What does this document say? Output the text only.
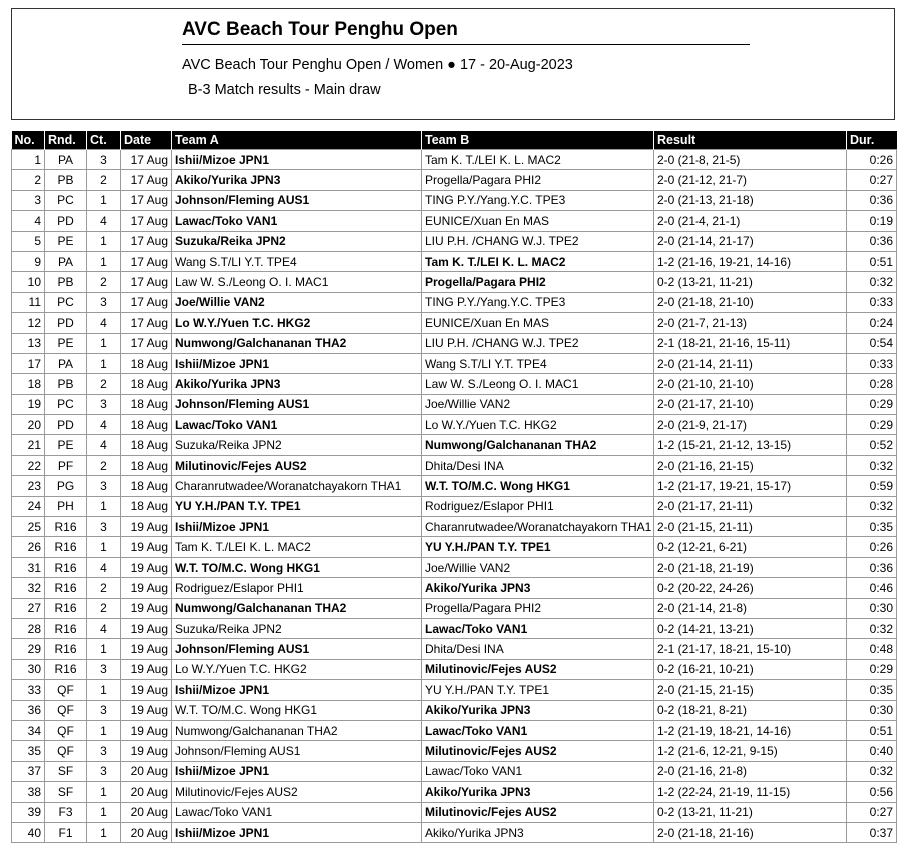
AVC Beach Tour Penghu Open
AVC Beach Tour Penghu Open / Women ● 17 - 20-Aug-2023
B-3 Match results - Main draw
No.	Rnd.	Ct.	Date	Team A	Team B	Result	Dur.
1	PA	3	17 Aug	Ishii/Mizoe JPN1	Tam K. T./LEI K. L. MAC2	2-0 (21-8, 21-5)	0:26
2	PB	2	17 Aug	Akiko/Yurika JPN3	Progella/Pagara PHI2	2-0 (21-12, 21-7)	0:27
3	PC	1	17 Aug	Johnson/Fleming AUS1	TING P.Y./Yang.Y.C. TPE3	2-0 (21-13, 21-18)	0:36
4	PD	4	17 Aug	Lawac/Toko VAN1	EUNICE/Xuan En MAS	2-0 (21-4, 21-1)	0:19
5	PE	1	17 Aug	Suzuka/Reika JPN2	LIU P.H. /CHANG W.J. TPE2	2-0 (21-14, 21-17)	0:36
9	PA	1	17 Aug	Wang S.T/LI Y.T. TPE4	Tam K. T./LEI K. L. MAC2	1-2 (21-16, 19-21, 14-16)	0:51
10	PB	2	17 Aug	Law W. S./Leong O. I. MAC1	Progella/Pagara PHI2	0-2 (13-21, 11-21)	0:32
11	PC	3	17 Aug	Joe/Willie VAN2	TING P.Y./Yang.Y.C. TPE3	2-0 (21-18, 21-10)	0:33
12	PD	4	17 Aug	Lo W.Y./Yuen T.C. HKG2	EUNICE/Xuan En MAS	2-0 (21-7, 21-13)	0:24
13	PE	1	17 Aug	Numwong/Galchananan THA2	LIU P.H. /CHANG W.J. TPE2	2-1 (18-21, 21-16, 15-11)	0:54
17	PA	1	18 Aug	Ishii/Mizoe JPN1	Wang S.T/LI Y.T. TPE4	2-0 (21-14, 21-11)	0:33
18	PB	2	18 Aug	Akiko/Yurika JPN3	Law W. S./Leong O. I. MAC1	2-0 (21-10, 21-10)	0:28
19	PC	3	18 Aug	Johnson/Fleming AUS1	Joe/Willie VAN2	2-0 (21-17, 21-10)	0:29
20	PD	4	18 Aug	Lawac/Toko VAN1	Lo W.Y./Yuen T.C. HKG2	2-0 (21-9, 21-17)	0:29
21	PE	4	18 Aug	Suzuka/Reika JPN2	Numwong/Galchananan THA2	1-2 (15-21, 21-12, 13-15)	0:52
22	PF	2	18 Aug	Milutinovic/Fejes AUS2	Dhita/Desi INA	2-0 (21-16, 21-15)	0:32
23	PG	3	18 Aug	Charanrutwadee/Woranatchayakorn THA1	W.T. TO/M.C. Wong HKG1	1-2 (21-17, 19-21, 15-17)	0:59
24	PH	1	18 Aug	YU Y.H./PAN T.Y. TPE1	Rodriguez/Eslapor PHI1	2-0 (21-17, 21-11)	0:32
25	R16	3	19 Aug	Ishii/Mizoe JPN1	Charanrutwadee/Woranatchayakorn THA1	2-0 (21-15, 21-11)	0:35
26	R16	1	19 Aug	Tam K. T./LEI K. L. MAC2	YU Y.H./PAN T.Y. TPE1	0-2 (12-21, 6-21)	0:26
31	R16	4	19 Aug	W.T. TO/M.C. Wong HKG1	Joe/Willie VAN2	2-0 (21-18, 21-19)	0:36
32	R16	2	19 Aug	Rodriguez/Eslapor PHI1	Akiko/Yurika JPN3	0-2 (20-22, 24-26)	0:46
27	R16	2	19 Aug	Numwong/Galchananan THA2	Progella/Pagara PHI2	2-0 (21-14, 21-8)	0:30
28	R16	4	19 Aug	Suzuka/Reika JPN2	Lawac/Toko VAN1	0-2 (14-21, 13-21)	0:32
29	R16	1	19 Aug	Johnson/Fleming AUS1	Dhita/Desi INA	2-1 (21-17, 18-21, 15-10)	0:48
30	R16	3	19 Aug	Lo W.Y./Yuen T.C. HKG2	Milutinovic/Fejes AUS2	0-2 (16-21, 10-21)	0:29
33	QF	1	19 Aug	Ishii/Mizoe JPN1	YU Y.H./PAN T.Y. TPE1	2-0 (21-15, 21-15)	0:35
36	QF	3	19 Aug	W.T. TO/M.C. Wong HKG1	Akiko/Yurika JPN3	0-2 (18-21, 8-21)	0:30
34	QF	1	19 Aug	Numwong/Galchananan THA2	Lawac/Toko VAN1	1-2 (21-19, 18-21, 14-16)	0:51
35	QF	3	19 Aug	Johnson/Fleming AUS1	Milutinovic/Fejes AUS2	1-2 (21-6, 12-21, 9-15)	0:40
37	SF	3	20 Aug	Ishii/Mizoe JPN1	Lawac/Toko VAN1	2-0 (21-16, 21-8)	0:32
38	SF	1	20 Aug	Milutinovic/Fejes AUS2	Akiko/Yurika JPN3	1-2 (22-24, 21-19, 11-15)	0:56
39	F3	1	20 Aug	Lawac/Toko VAN1	Milutinovic/Fejes AUS2	0-2 (13-21, 11-21)	0:27
40	F1	1	20 Aug	Ishii/Mizoe JPN1	Akiko/Yurika JPN3	2-0 (21-18, 21-16)	0:37
